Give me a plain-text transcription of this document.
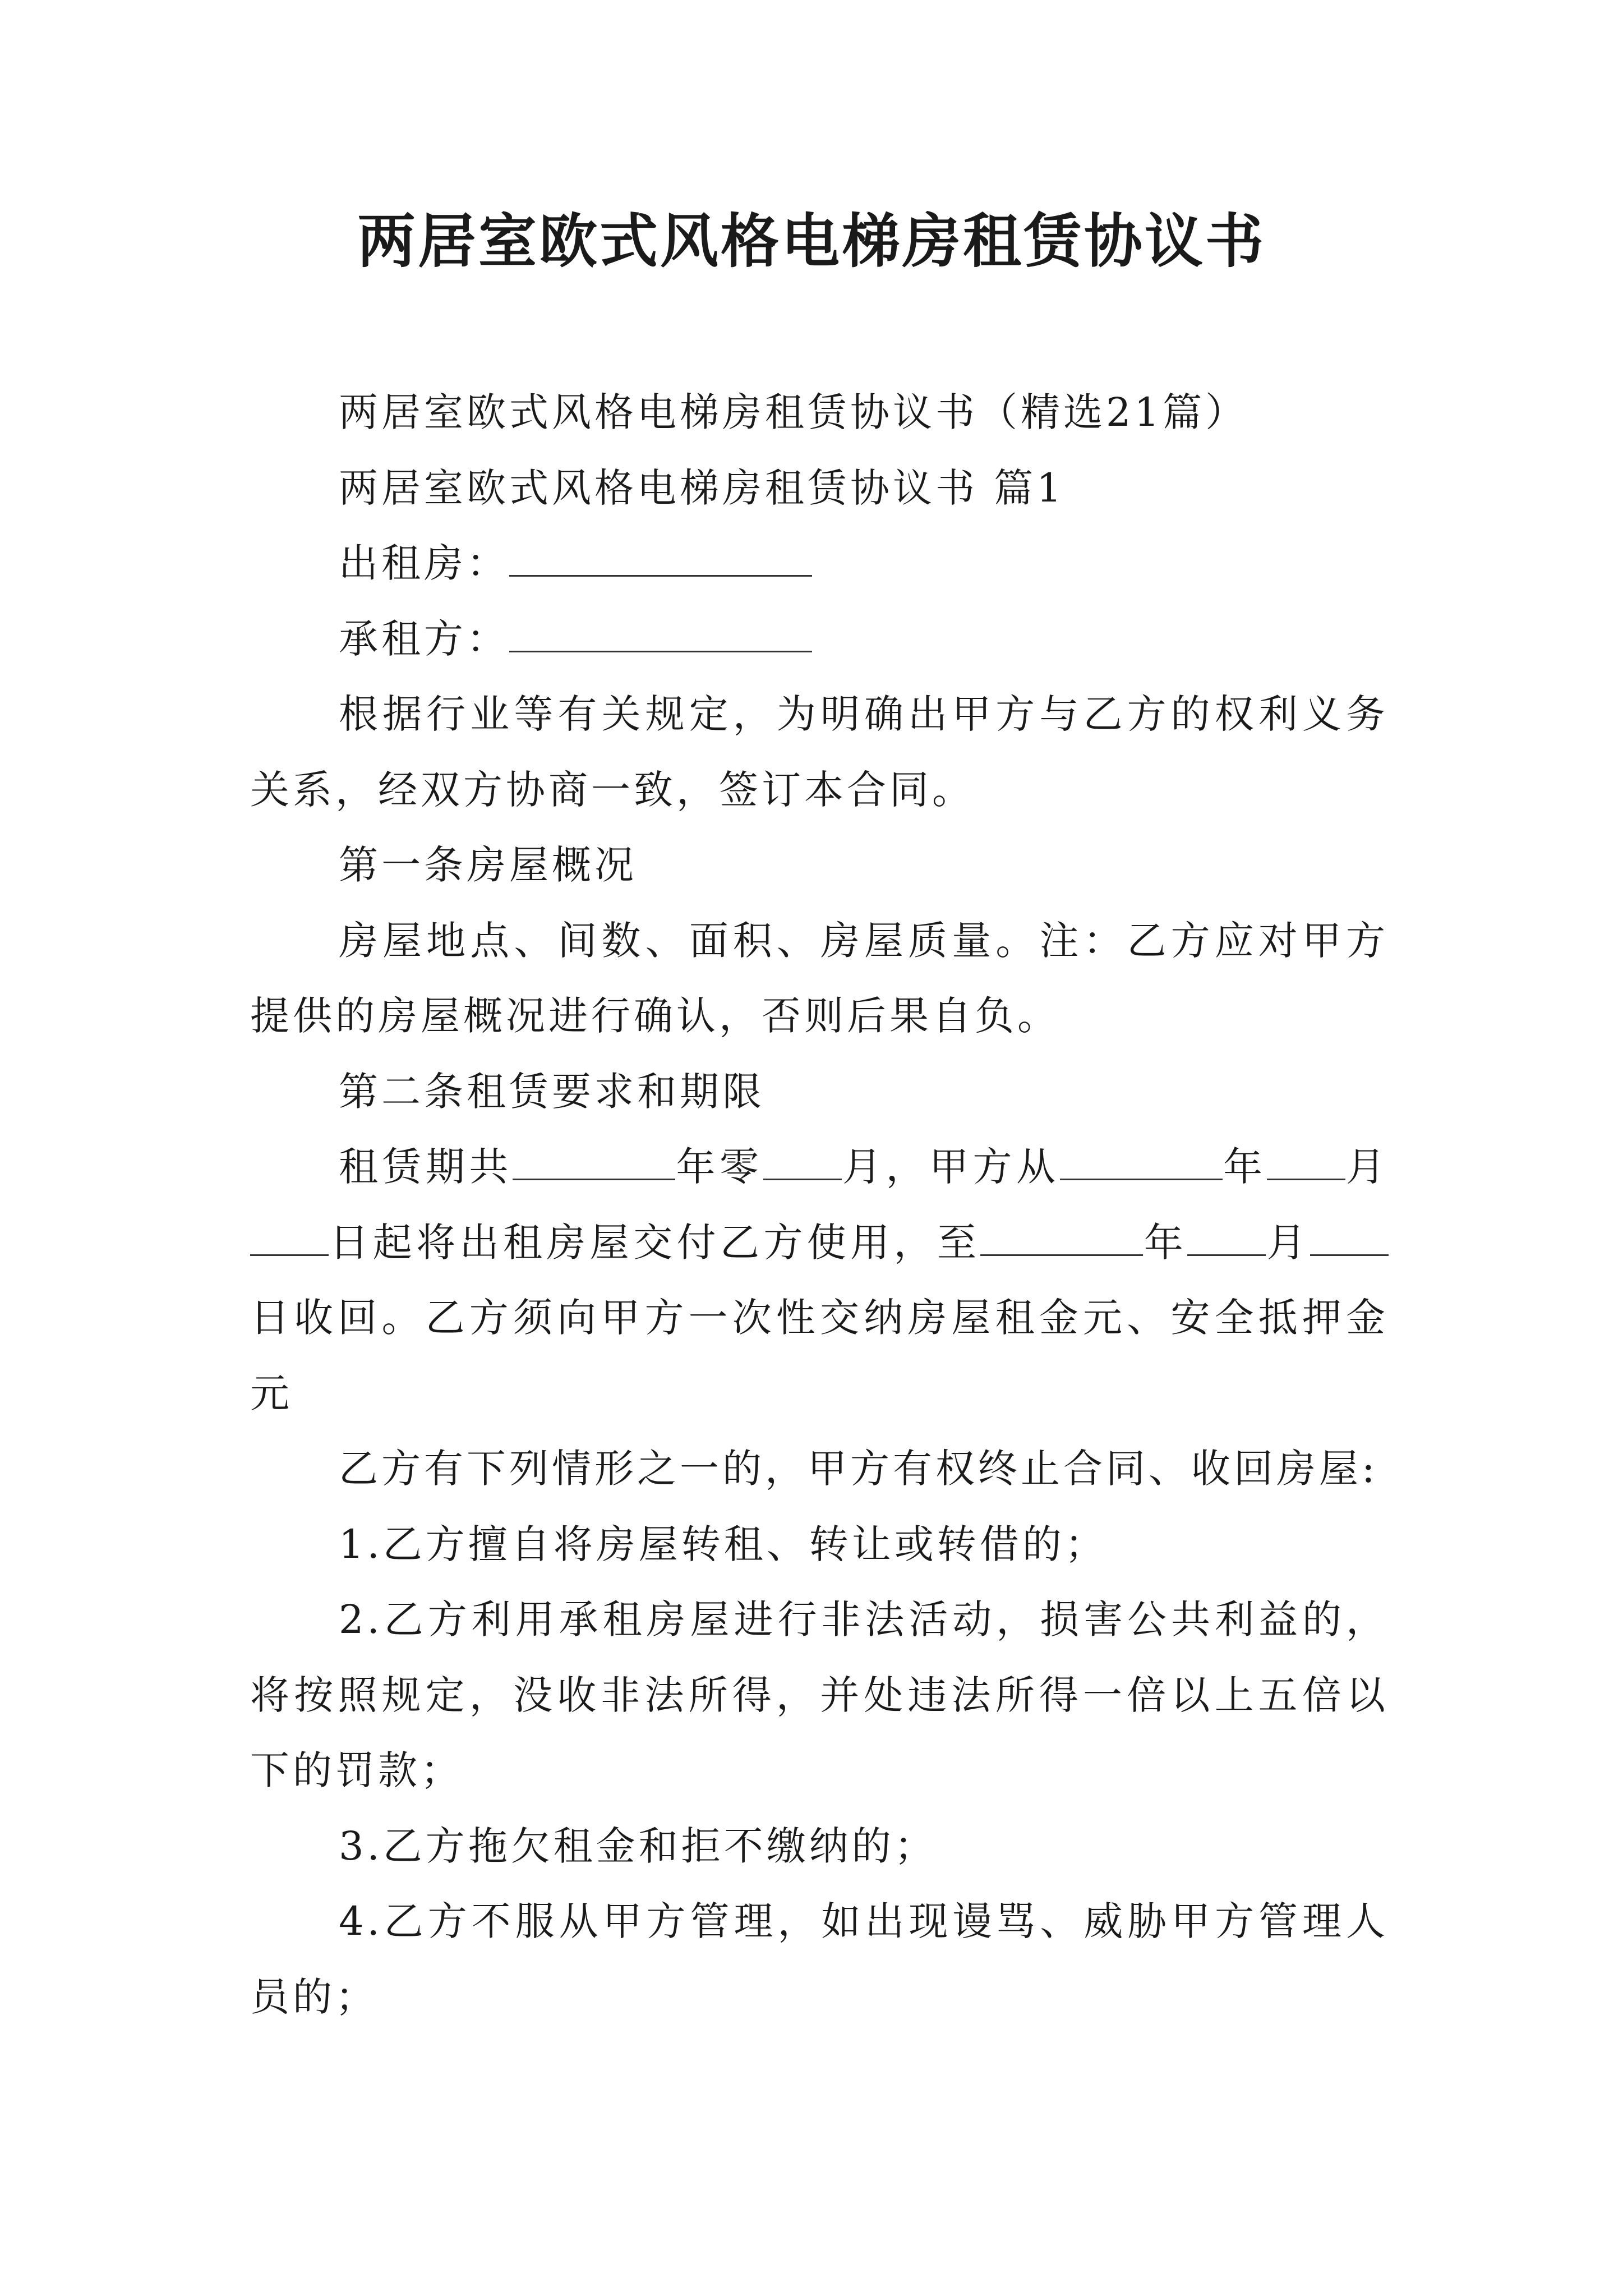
两居室欧式风格电梯房租赁协议书

两居室欧式风格电梯房租赁协议书（精选21篇）

两居室欧式风格电梯房租赁协议书 篇1

出租房：

承租方：

根据行业等有关规定，为明确出甲方与乙方的权利义务关系，经双方协商一致，签订本合同。

第一条房屋概况

房屋地点、间数、面积、房屋质量。注：乙方应对甲方提供的房屋概况进行确认，否则后果自负。

第二条租赁要求和期限

租赁期共	年零 月，甲方从	年 月日起将出租房屋交付乙方使用，至	年 月日收回。乙方须向甲方一次性交纳房屋租金元、安全抵押金元

乙方有下列情形之一的，甲方有权终止合同、收回房屋:

1.乙方擅自将房屋转租、转让或转借的；

2.乙方利用承租房屋进行非法活动，损害公共利益的，将按照规定，没收非法所得，并处违法所得一倍以上五倍以下的罚款；

3.乙方拖欠租金和拒不缴纳的；

4.乙方不服从甲方管理，如出现谩骂、威胁甲方管理人员的；
